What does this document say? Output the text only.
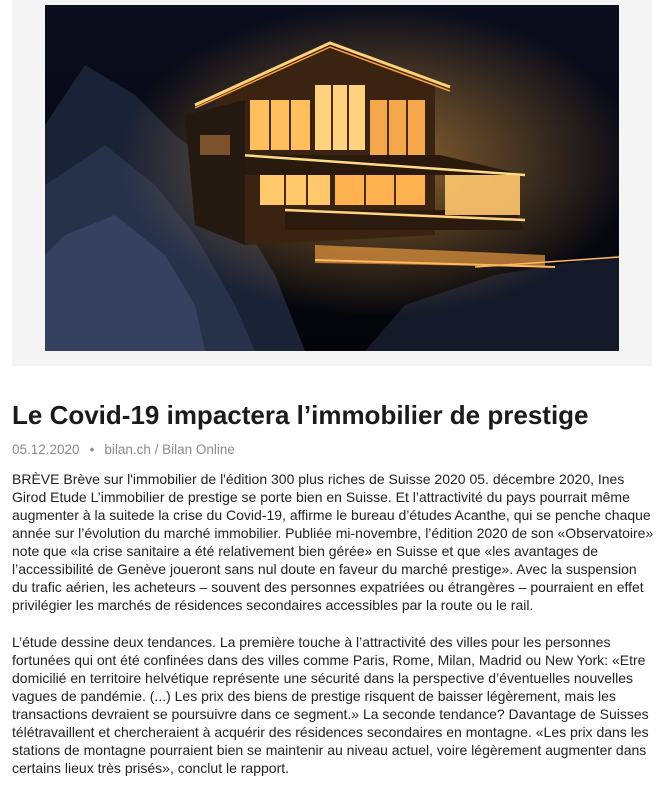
Le Covid-19 impactera l’immobilier de prestige
05.12.2020 • bilan.ch / Bilan Online

BRÈVE Brève sur l'immobilier de l'édition 300 plus riches de Suisse 2020 05. décembre 2020, Ines Girod Etude L’immobilier de prestige se porte bien en Suisse. Et l’attractivité du pays pourrait même augmenter à la suitede la crise du Covid-19, affirme le bureau d’études Acanthe, qui se penche chaque année sur l’évolution du marché immobilier. Publiée mi-novembre, l’édition 2020 de son «Observatoire» note que «la crise sanitaire a été relativement bien gérée» en Suisse et que «les avantages de l’accessibilité de Genève joueront sans nul doute en faveur du marché prestige». Avec la suspension du trafic aérien, les acheteurs – souvent des personnes expatriées ou étrangères – pourraient en effet privilégier les marchés de résidences secondaires accessibles par la route ou le rail.

L’étude dessine deux tendances. La première touche à l’attractivité des villes pour les personnes fortunées qui ont été confinées dans des villes comme Paris, Rome, Milan, Madrid ou New York: «Etre domicilié en territoire helvétique représente une sécurité dans la perspective d’éventuelles nouvelles vagues de pandémie. (...) Les prix des biens de prestige risquent de baisser légèrement, mais les transactions devraient se poursuivre dans ce segment.» La seconde tendance? Davantage de Suisses télétravaillent et chercheraient à acquérir des résidences secondaires en montagne. «Les prix dans les stations de montagne pourraient bien se maintenir au niveau actuel, voire légèrement augmenter dans certains lieux très prisés», conclut le rapport.
